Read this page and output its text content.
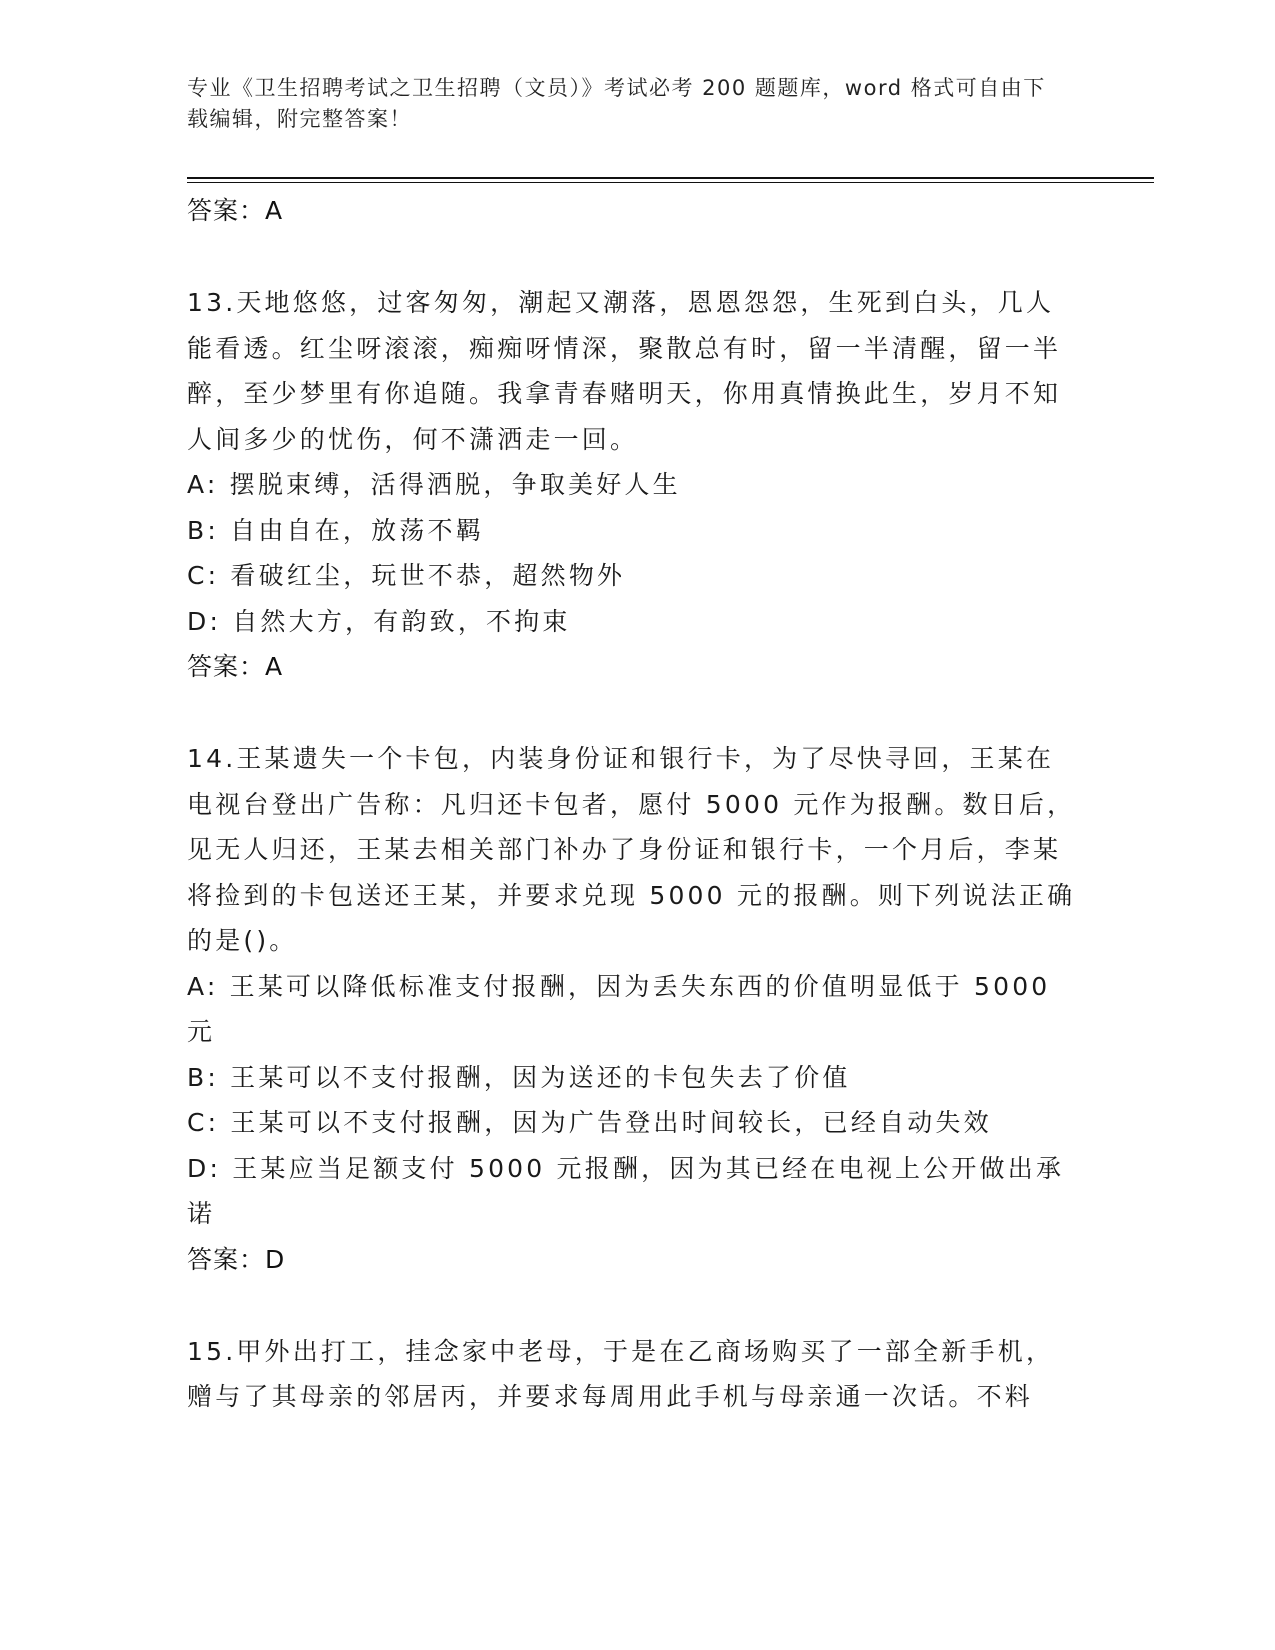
专业《卫生招聘考试之卫生招聘（文员）》考试必考 200 题题库，word 格式可自由下载编辑，附完整答案！
答案：A

13.天地悠悠，过客匆匆，潮起又潮落，恩恩怨怨，生死到白头，几人能看透。红尘呀滚滚，痴痴呀情深，聚散总有时，留一半清醒，留一半醉，至少梦里有你追随。我拿青春赌明天，你用真情换此生，岁月不知人间多少的忧伤，何不潇洒走一回。

A: 摆脱束缚，活得洒脱，争取美好人生

B: 自由自在，放荡不羁

C: 看破红尘，玩世不恭，超然物外

D: 自然大方，有韵致，不拘束

答案：A

14.王某遗失一个卡包，内装身份证和银行卡，为了尽快寻回，王某在电视台登出广告称：凡归还卡包者，愿付 5000 元作为报酬。数日后，见无人归还，王某去相关部门补办了身份证和银行卡，一个月后，李某将捡到的卡包送还王某，并要求兑现 5000 元的报酬。则下列说法正确的是()。

A: 王某可以降低标准支付报酬，因为丢失东西的价值明显低于 5000 元

B: 王某可以不支付报酬，因为送还的卡包失去了价值

C: 王某可以不支付报酬，因为广告登出时间较长，已经自动失效

D: 王某应当足额支付 5000 元报酬，因为其已经在电视上公开做出承诺

答案：D

15.甲外出打工，挂念家中老母，于是在乙商场购买了一部全新手机，赠与了其母亲的邻居丙，并要求每周用此手机与母亲通一次话。不料
